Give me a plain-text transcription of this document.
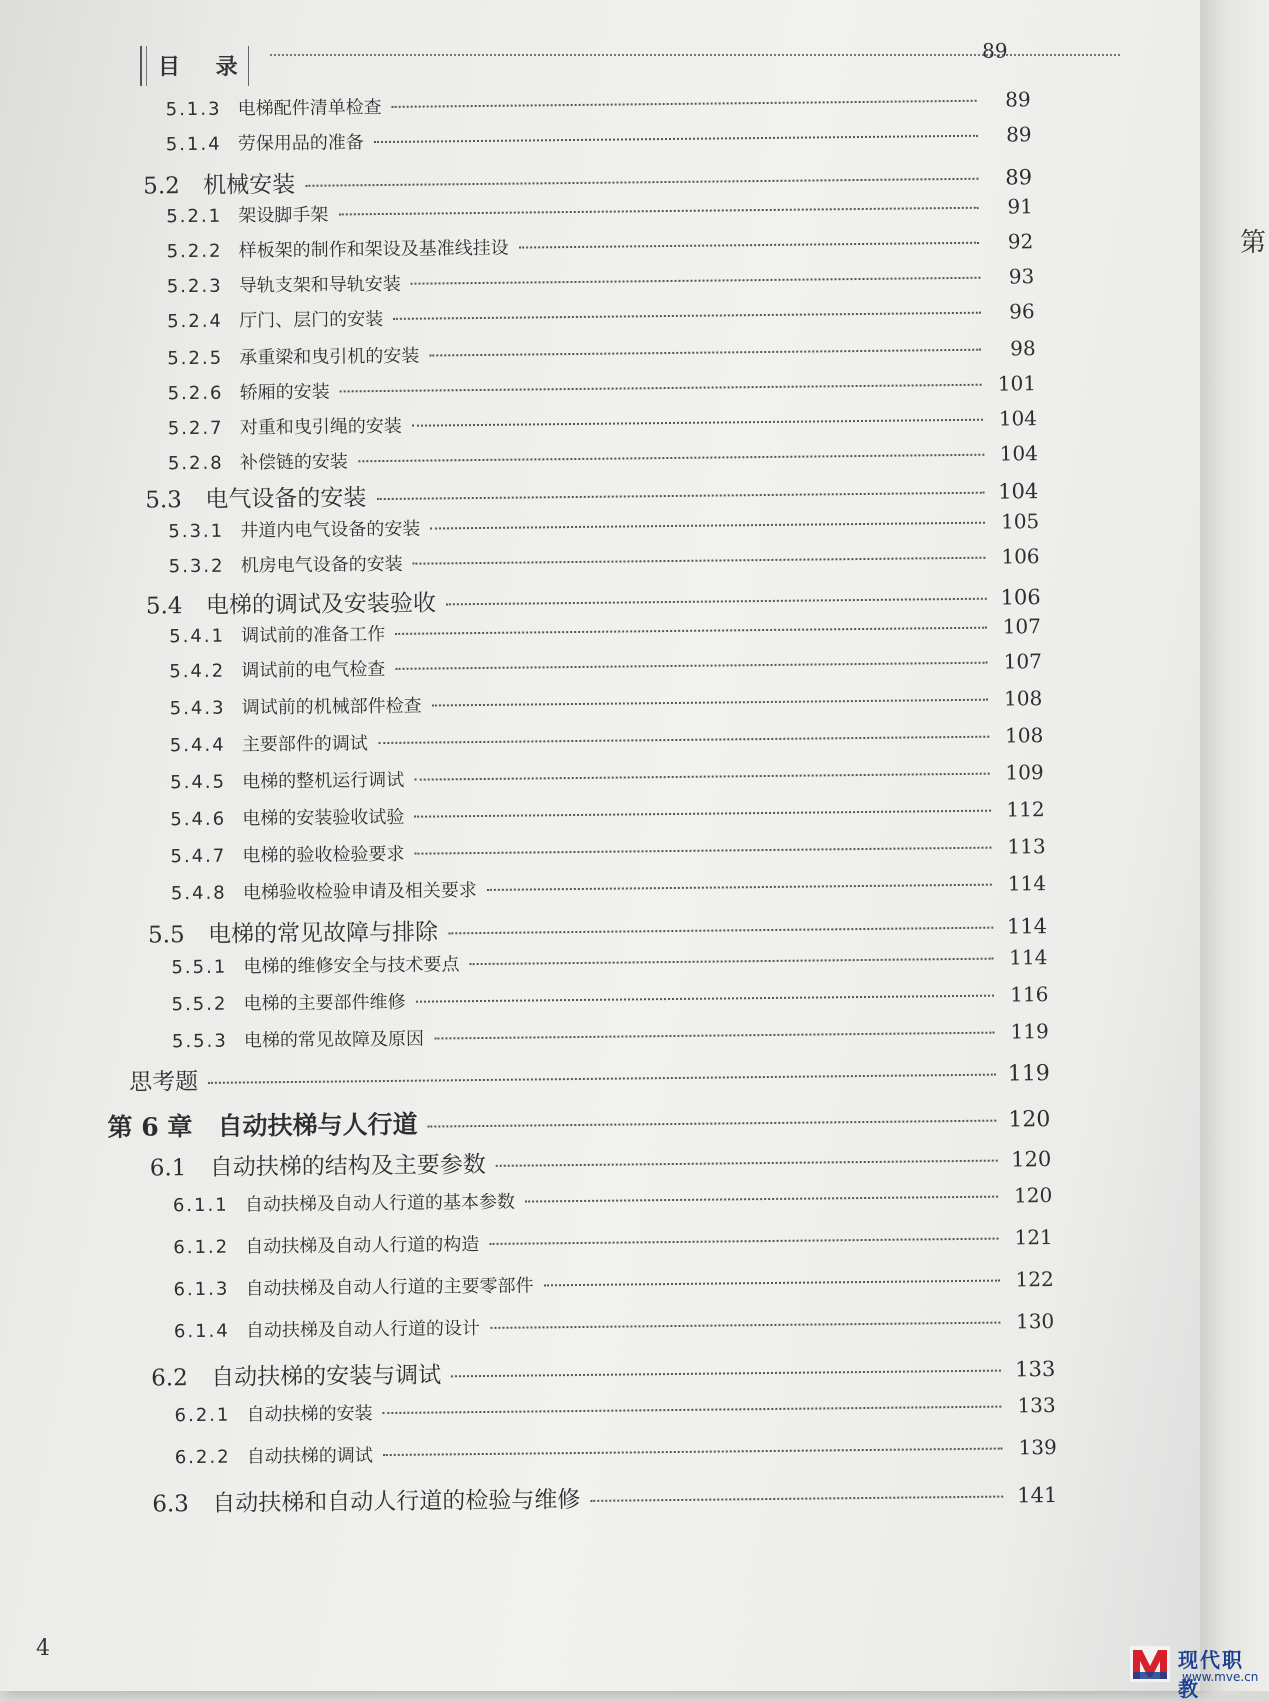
目 录
5.1.3 电梯配件清单检查	89
5.1.4 劳保用品的准备	89
5.2	机械安装	89
5.2.1 架设脚手架	91
5.2.2 样板架的制作和架设及基准线挂设	92
5.2.3 导轨支架和导轨安装	93
5.2.4 厅门、层门的安装	96
5.2.5 承重梁和曳引机的安装	98
5.2.6 轿厢的安装	101
5.2.7 对重和曳引绳的安装	104
5.2.8 补偿链的安装	104
5.3	电气设备的安装	104
5.3.1 井道内电气设备的安装	105
5.3.2 机房电气设备的安装	106
5.4	电梯的调试及安装验收	106
5.4.1 调试前的准备工作	107
5.4.2 调试前的电气检查	107
5.4.3 调试前的机械部件检查	108
5.4.4 主要部件的调试	108
5.4.5 电梯的整机运行调试	109
5.4.6 电梯的安装验收试验	112
5.4.7 电梯的验收检验要求	113
5.4.8 电梯验收检验申请及相关要求	114
5.5	电梯的常见故障与排除	114
5.5.1 电梯的维修安全与技术要点	114
5.5.2 电梯的主要部件维修	116
5.5.3 电梯的常见故障及原因	119
思考题	119
第 6 章 自动扶梯与人行道	120
6.1	自动扶梯的结构及主要参数	120
6.1.1 自动扶梯及自动人行道的基本参数	120
6.1.2 自动扶梯及自动人行道的构造	121
6.1.3 自动扶梯及自动人行道的主要零部件	122
6.1.4 自动扶梯及自动人行道的设计	130
6.2	自动扶梯的安装与调试	133
6.2.1 自动扶梯的安装	133
6.2.2 自动扶梯的调试	139
6.3	自动扶梯和自动人行道的检验与维修	141
89
4
第
现代职教
www.mve.cn
